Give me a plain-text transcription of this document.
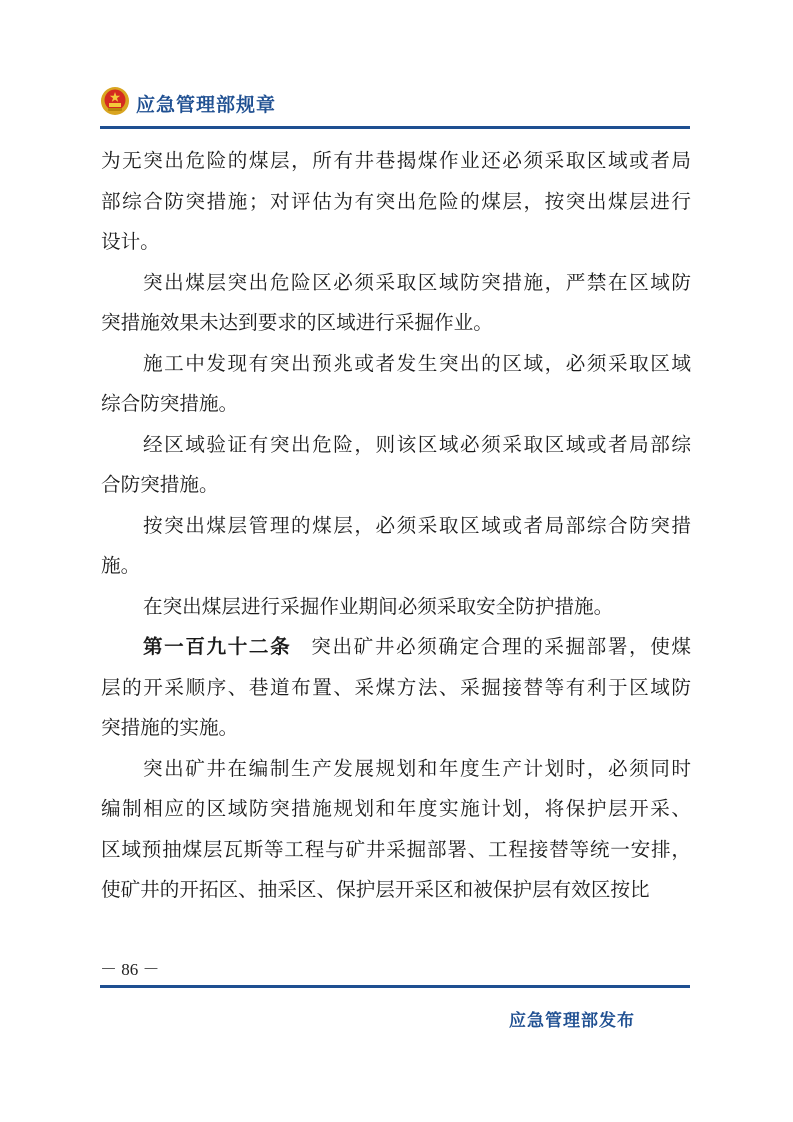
应急管理部规章
为无突出危险的煤层，所有井巷揭煤作业还必须采取区域或者局
部综合防突措施；对评估为有突出危险的煤层，按突出煤层进行
设计。
突出煤层突出危险区必须采取区域防突措施，严禁在区域防
突措施效果未达到要求的区域进行采掘作业。
施工中发现有突出预兆或者发生突出的区域，必须采取区域
综合防突措施。
经区域验证有突出危险，则该区域必须采取区域或者局部综
合防突措施。
按突出煤层管理的煤层，必须采取区域或者局部综合防突措
施。
在突出煤层进行采掘作业期间必须采取安全防护措施。
第一百九十二条 突出矿井必须确定合理的采掘部署，使煤
层的开采顺序、巷道布置、采煤方法、采掘接替等有利于区域防
突措施的实施。
突出矿井在编制生产发展规划和年度生产计划时，必须同时
编制相应的区域防突措施规划和年度实施计划，将保护层开采、
区域预抽煤层瓦斯等工程与矿井采掘部署、工程接替等统一安排，
使矿井的开拓区、抽采区、保护层开采区和被保护层有效区按比
－ 86 －
应急管理部发布
